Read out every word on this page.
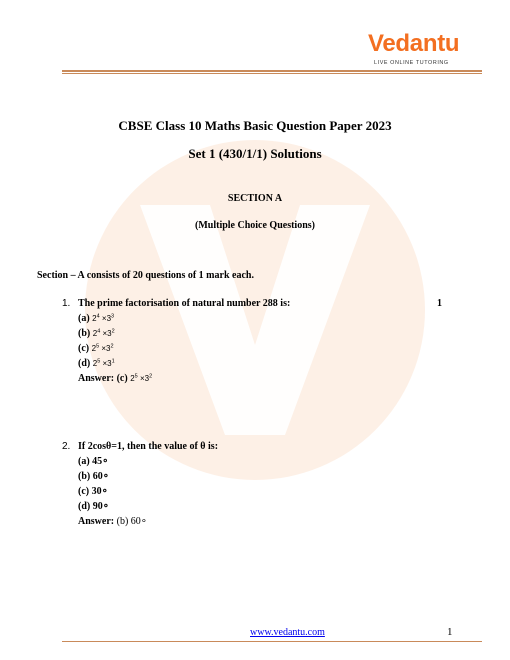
Vedantu
LIVE ONLINE TUTORING
CBSE Class 10 Maths Basic Question Paper 2023
Set 1 (430/1/1) Solutions
SECTION A
(Multiple Choice Questions)
Section – A consists of 20 questions of 1 mark each.
1. The prime factorisation of natural number 288 is:	1
(a) $2^4 \times 3^3$
(b) $2^4 \times 3^2$
(c) $2^5 \times 3^2$
(d) $2^5 \times 3^1$
Answer: (c) $2^5 \times 3^2$
2. If 2cosθ=1, then the value of θ is:
(a) 45∘
(b) 60∘
(c) 30∘
(d) 90∘
Answer: (b) 60∘
www.vedantu.com	1
